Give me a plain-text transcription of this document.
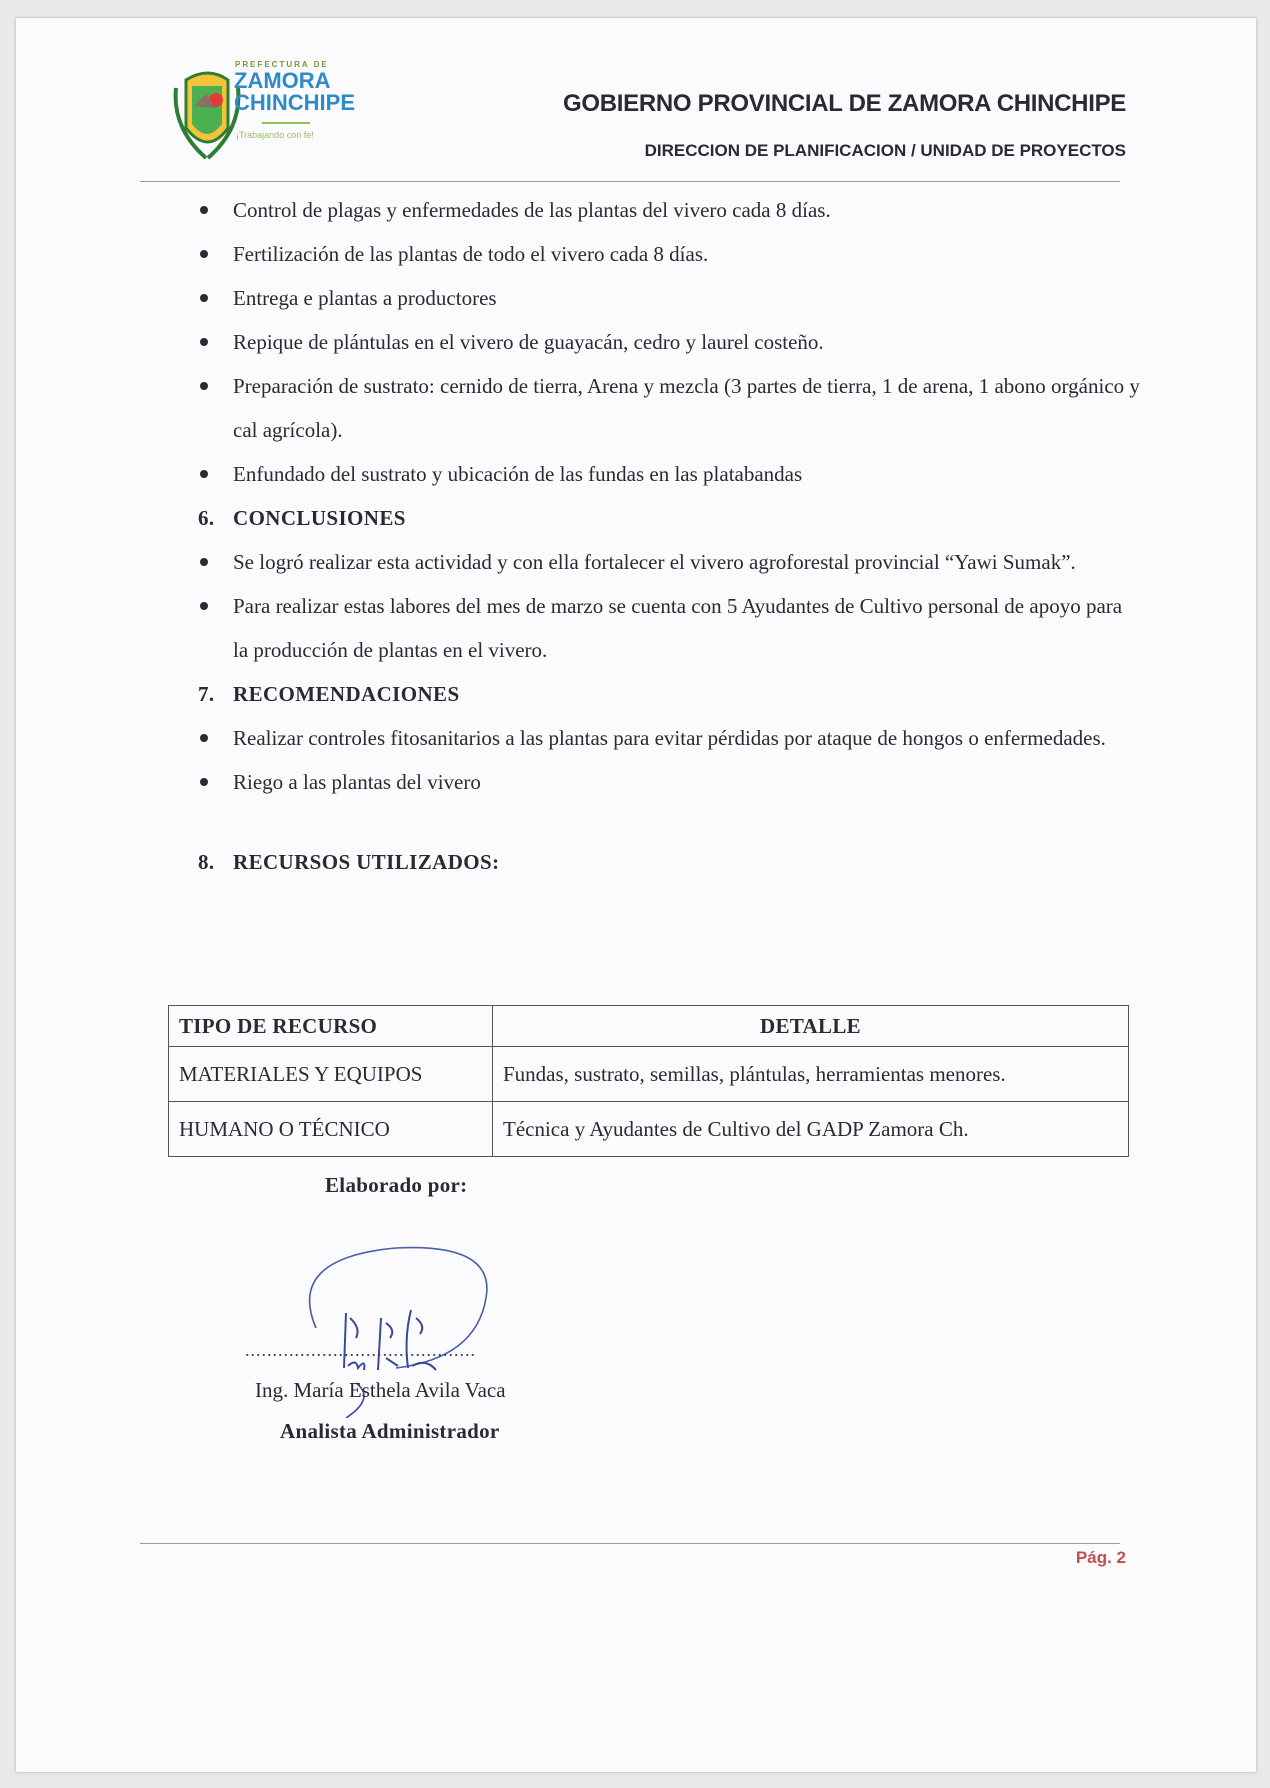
PREFECTURA DE
ZAMORA
CHINCHIPE
¡Trabajando con fe!
GOBIERNO PROVINCIAL DE ZAMORA CHINCHIPE
DIRECCION DE PLANIFICACION / UNIDAD DE PROYECTOS
Control de plagas y enfermedades de las plantas del vivero cada 8 días.
Fertilización de las plantas de todo el vivero cada 8 días.
Entrega e plantas a productores
Repique de plántulas en el vivero de guayacán, cedro y laurel costeño.
Preparación de sustrato: cernido de tierra, Arena y mezcla (3 partes de tierra, 1 de arena, 1 abono orgánico y cal agrícola).
Enfundado del sustrato y ubicación de las fundas en las platabandas
6. CONCLUSIONES
Se logró realizar esta actividad y con ella fortalecer el vivero agroforestal provincial “Yawi Sumak”.
Para realizar estas labores del mes de marzo se cuenta con 5 Ayudantes de Cultivo personal de apoyo para la producción de plantas en el vivero.
7. RECOMENDACIONES
Realizar controles fitosanitarios a las plantas para evitar pérdidas por ataque de hongos o enfermedades.
Riego a las plantas del vivero
8. RECURSOS UTILIZADOS:
TIPO DE RECURSO	DETALLE
MATERIALES Y EQUIPOS	Fundas, sustrato, semillas, plántulas, herramientas menores.
HUMANO O TÉCNICO	Técnica y Ayudantes de Cultivo del GADP Zamora Ch.
Elaborado por:
..........................................
Ing. María Esthela Avila Vaca
Analista Administrador
Pág. 2
